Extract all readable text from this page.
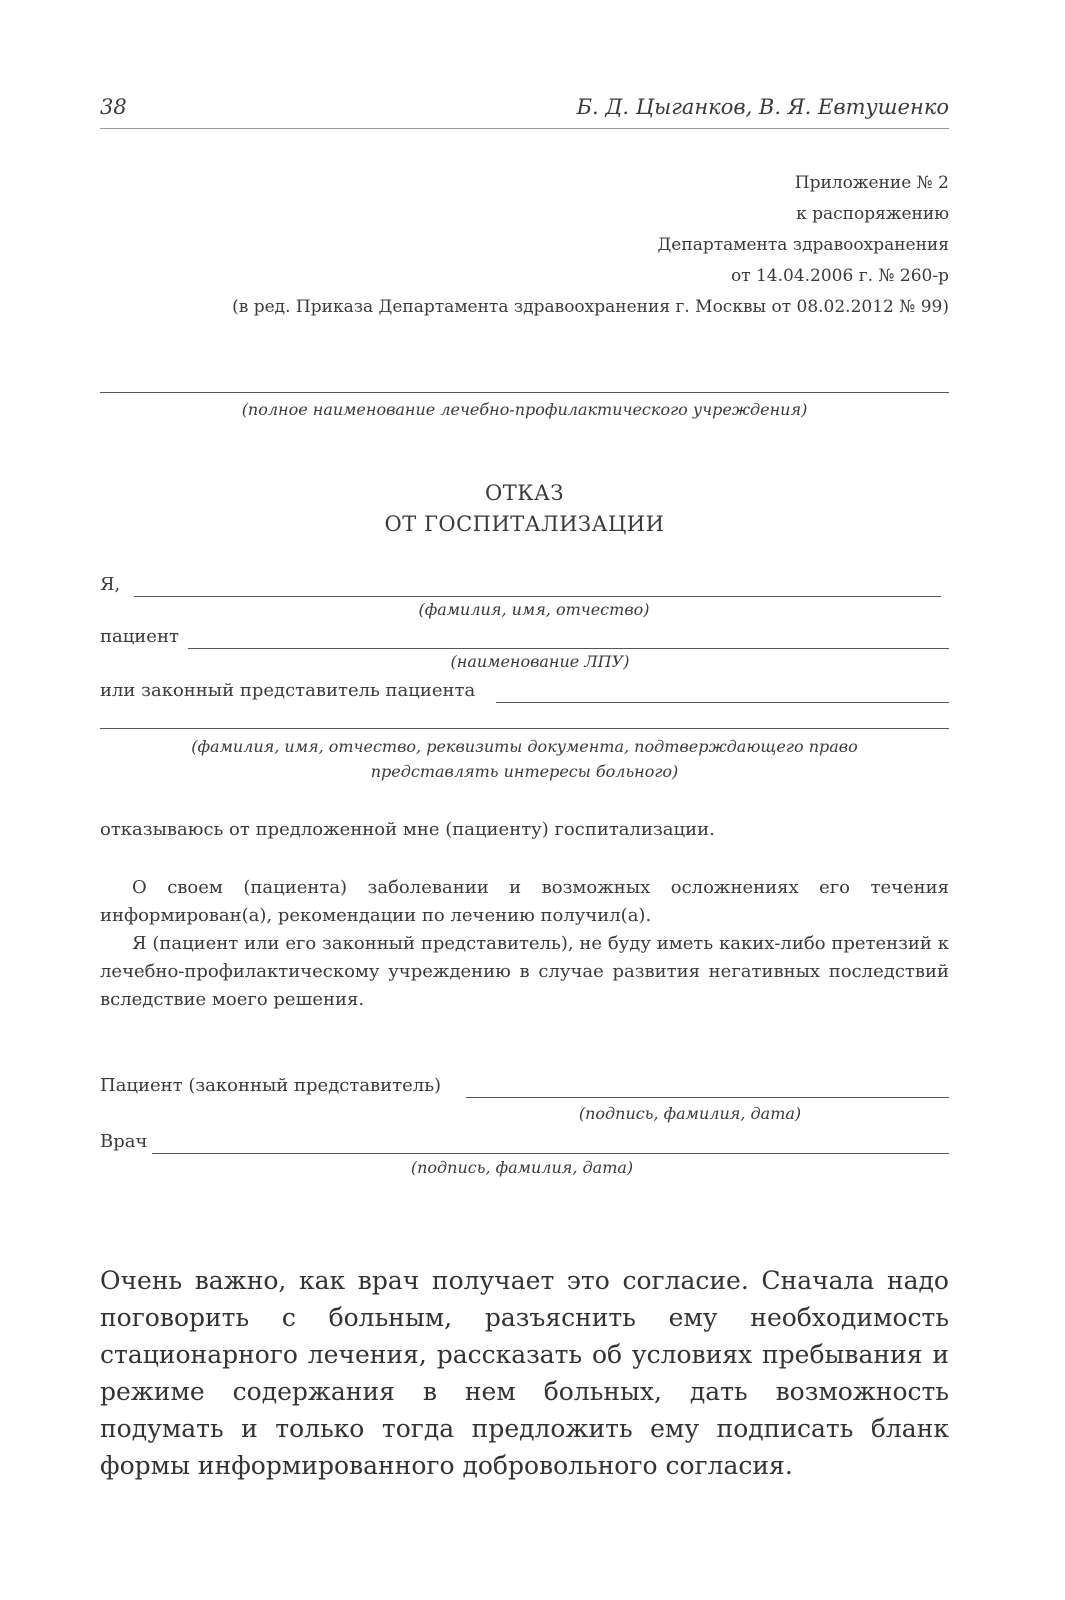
38	Б. Д. Цыганков, В. Я. Евтушенко
Приложение № 2
к распоряжению
Департамента здравоохранения
от 14.04.2006 г. № 260-р
(в ред. Приказа Департамента здравоохранения г. Москвы от 08.02.2012 № 99)
(полное наименование лечебно-профилактического учреждения)
ОТКАЗ
ОТ ГОСПИТАЛИЗАЦИИ
Я,
(фамилия, имя, отчество)
пациент
(наименование ЛПУ)
или законный представитель пациента
(фамилия, имя, отчество, реквизиты документа, подтверждающего право
представлять интересы больного)
отказываюсь от предложенной мне (пациенту) госпитализации.
О своем (пациента) заболевании и возможных осложнениях его течения информирован(а), рекомендации по лечению получил(а).
Я (пациент или его законный представитель), не буду иметь каких-либо претензий к лечебно-профилактическому учреждению в случае развития негативных последствий вследствие моего решения.
Пациент (законный представитель)
(подпись, фамилия, дата)
Врач
(подпись, фамилия, дата)
Очень важно, как врач получает это согласие. Сначала надо поговорить с больным, разъяснить ему необходимость стационарного лечения, рассказать об условиях пребывания и режиме содержания в нем больных, дать возможность подумать и только тогда предложить ему подписать бланк формы информированного добровольного согласия.
